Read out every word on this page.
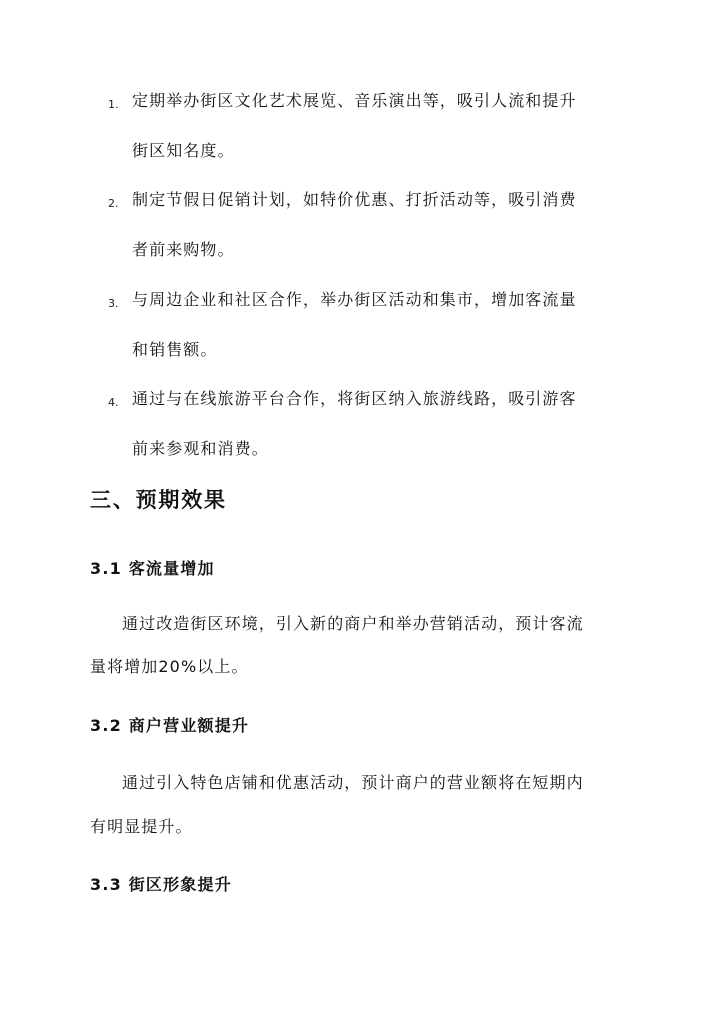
1. 定期举办街区文化艺术展览、音乐演出等，吸引人流和提升
街区知名度。
2. 制定节假日促销计划，如特价优惠、打折活动等，吸引消费
者前来购物。
3. 与周边企业和社区合作，举办街区活动和集市，增加客流量
和销售额。
4. 通过与在线旅游平台合作，将街区纳入旅游线路，吸引游客
前来参观和消费。
三、预期效果
3.1 客流量增加
通过改造街区环境，引入新的商户和举办营销活动，预计客流
量将增加20%以上。
3.2 商户营业额提升
通过引入特色店铺和优惠活动，预计商户的营业额将在短期内
有明显提升。
3.3 街区形象提升
